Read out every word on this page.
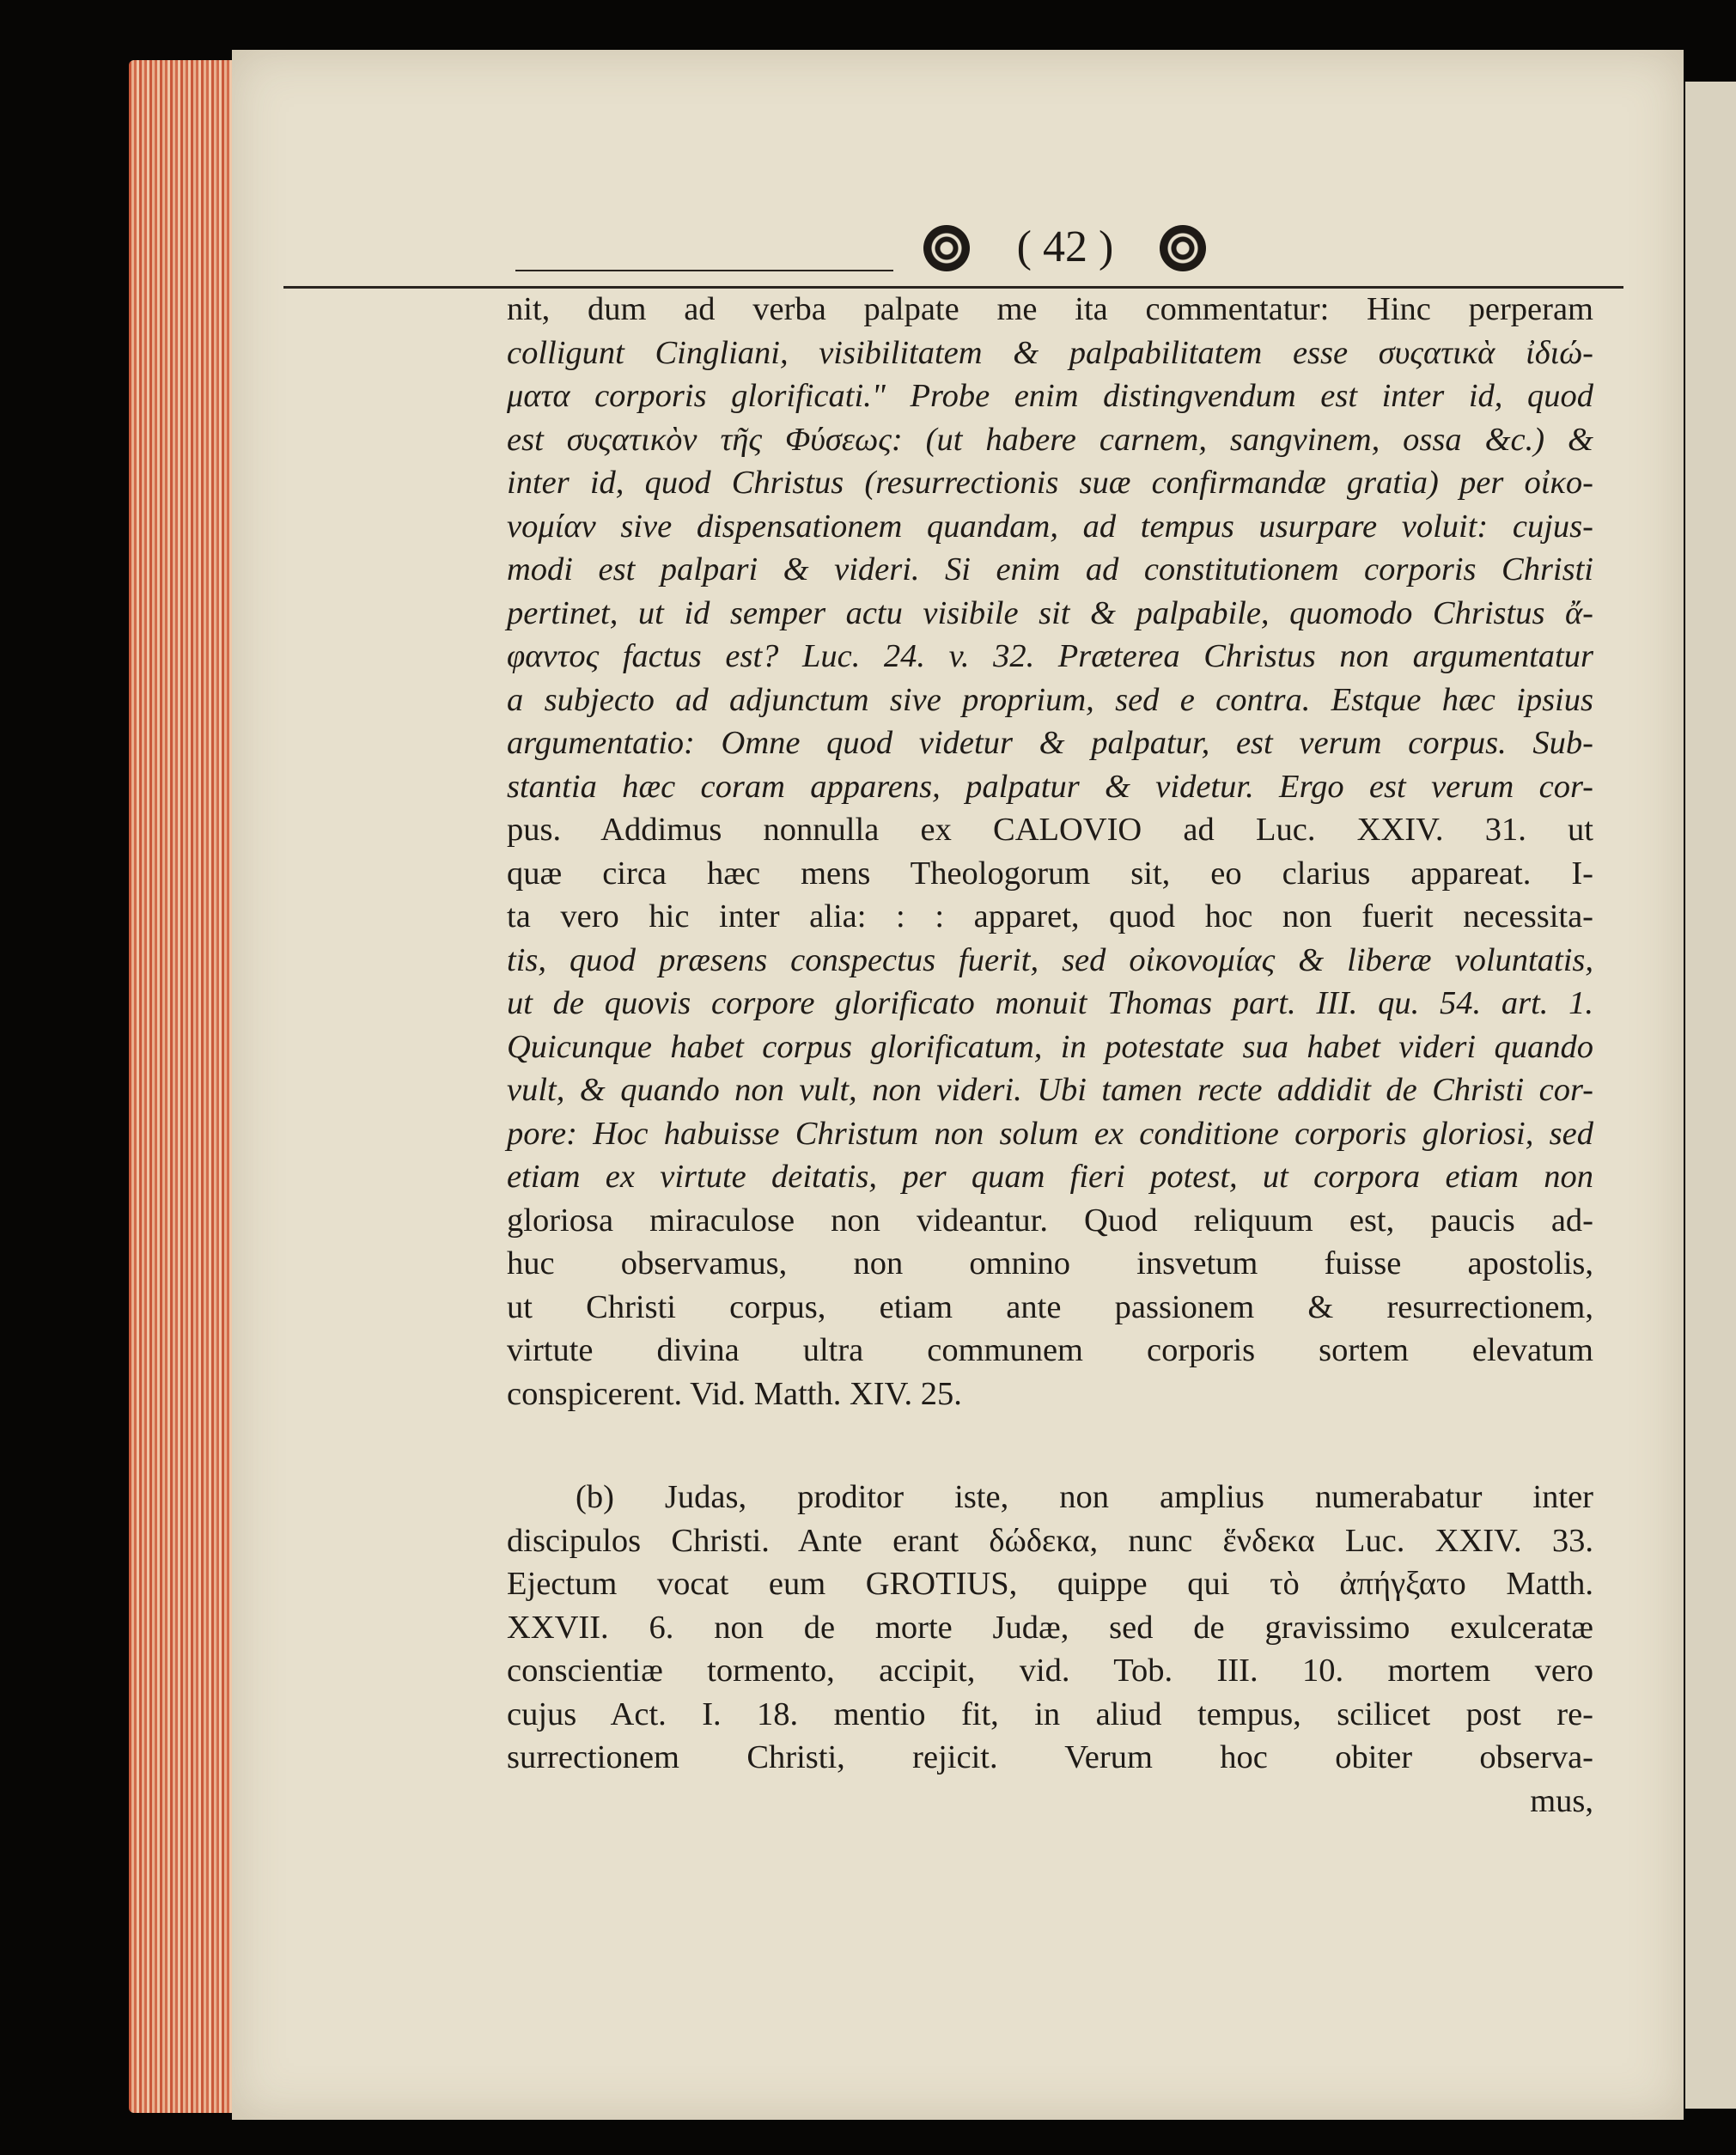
( 42 )
nit, dum ad verba palpate me ita commentatur: Hinc perperam
colligunt Cingliani, visibilitatem & palpabilitatem esse συςατικὰ ἰδιώ-
ματα corporis glorificati." Probe enim distingvendum est inter id, quod
est συςατικὸν τῆς Φύσεως: (ut habere carnem, sangvinem, ossa &c.) &
inter id, quod Christus (resurrectionis suæ confirmandæ gratia) per οἰκο-
νομίαν sive dispensationem quandam, ad tempus usurpare voluit: cujus-
modi est palpari & videri. Si enim ad constitutionem corporis Christi
pertinet, ut id semper actu visibile sit & palpabile, quomodo Christus ἄ-
φαντος factus est? Luc. 24. v. 32. Præterea Christus non argumentatur
a subjecto ad adjunctum sive proprium, sed e contra. Estque hæc ipsius
argumentatio: Omne quod videtur & palpatur, est verum corpus. Sub-
stantia hæc coram apparens, palpatur & videtur. Ergo est verum cor-
pus. Addimus nonnulla ex CALOVIO ad Luc. XXIV. 31. ut
quæ circa hæc mens Theologorum sit, eo clarius appareat. I-
ta vero hic inter alia: : : apparet, quod hoc non fuerit necessita-
tis, quod præsens conspectus fuerit, sed οἰκονομίας & liberæ voluntatis,
ut de quovis corpore glorificato monuit Thomas part. III. qu. 54. art. 1.
Quicunque habet corpus glorificatum, in potestate sua habet videri quando
vult, & quando non vult, non videri. Ubi tamen recte addidit de Christi cor-
pore: Hoc habuisse Christum non solum ex conditione corporis gloriosi, sed
etiam ex virtute deitatis, per quam fieri potest, ut corpora etiam non
gloriosa miraculose non videantur. Quod reliquum est, paucis ad-
huc observamus, non omnino insvetum fuisse apostolis,
ut Christi corpus, etiam ante passionem & resurrectionem,
virtute divina ultra communem corporis sortem elevatum
conspicerent. Vid. Matth. XIV. 25.
(b) Judas, proditor iste, non amplius numerabatur inter
discipulos Christi. Ante erant δώδεκα, nunc ἕνδεκα Luc. XXIV. 33.
Ejectum vocat eum GROTIUS, quippe qui τὸ ἀπήγξατο Matth.
XXVII. 6. non de morte Judæ, sed de gravissimo exulceratæ
conscientiæ tormento, accipit, vid. Tob. III. 10. mortem vero
cujus Act. I. 18. mentio fit, in aliud tempus, scilicet post re-
surrectionem Christi, rejicit. Verum hoc obiter observa-
mus,
